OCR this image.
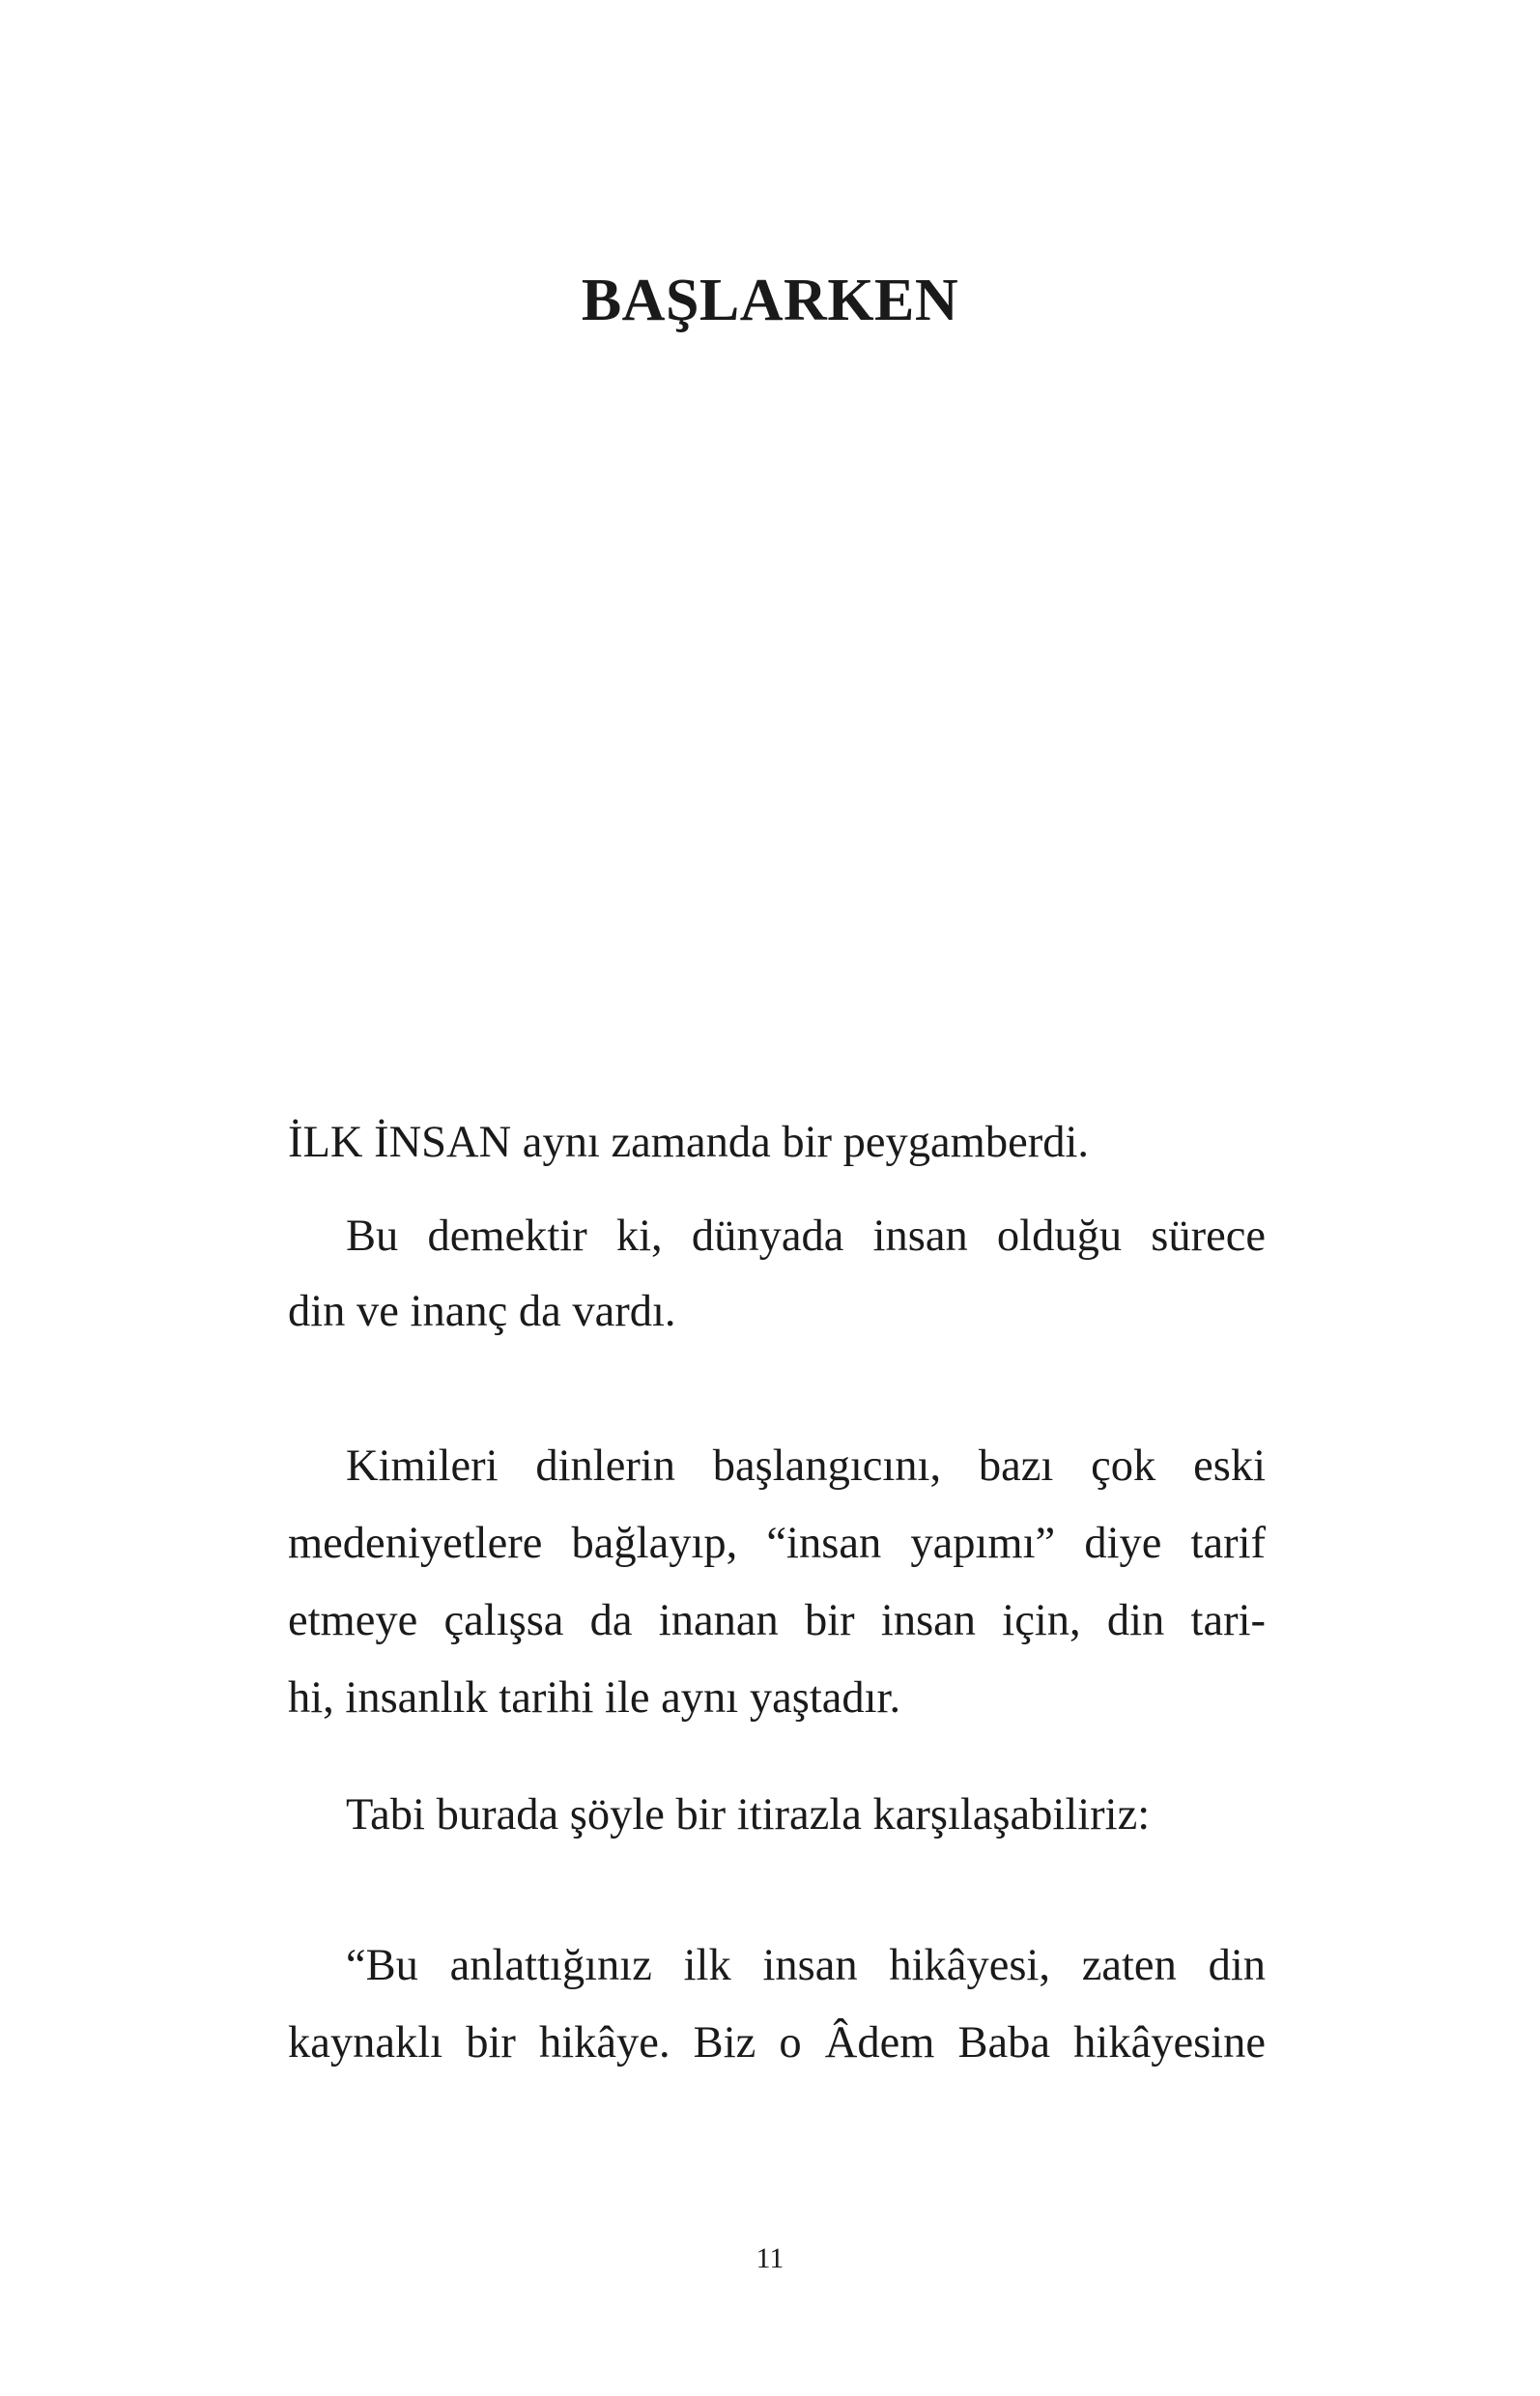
BAŞLARKEN
İLK İNSAN aynı zamanda bir peygamberdi.
Bu demektir ki, dünyada insan olduğu sürece
din ve inanç da vardı.
Kimileri dinlerin başlangıcını, bazı çok eski
medeniyetlere bağlayıp, “insan yapımı” diye tarif
etmeye çalışsa da inanan bir insan için, din tari-
hi, insanlık tarihi ile aynı yaştadır.
Tabi burada şöyle bir itirazla karşılaşabiliriz:
“Bu anlattığınız ilk insan hikâyesi, zaten din
kaynaklı bir hikâye. Biz o Âdem Baba hikâyesine
11
